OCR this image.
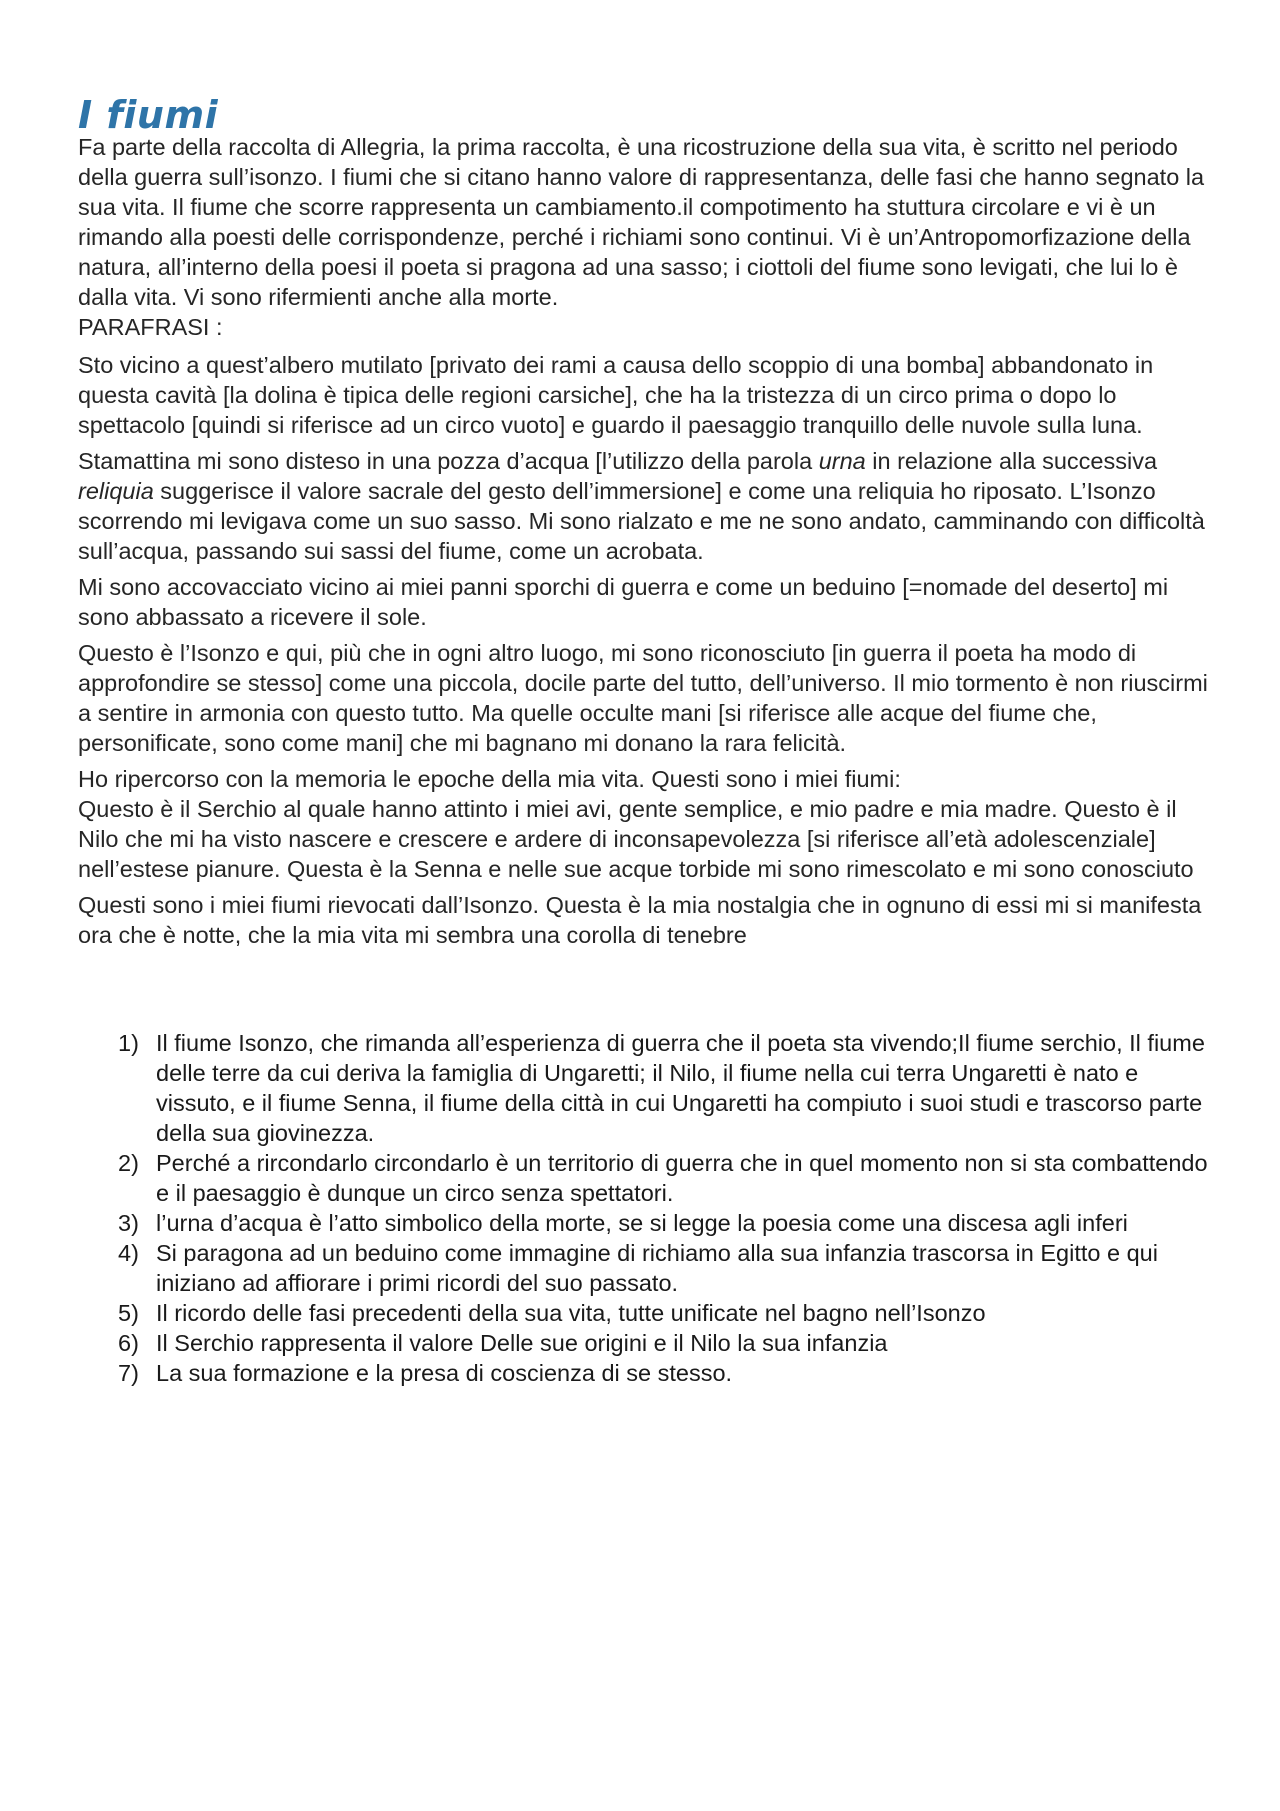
I fiumi

Fa parte della raccolta di Allegria, la prima raccolta, è una ricostruzione della sua vita, è scritto nel periodo della guerra sull’isonzo. I fiumi che si citano hanno valore di rappresentanza, delle fasi che hanno segnato la sua vita. Il fiume che scorre rappresenta un cambiamento.il compotimento ha stuttura circolare e vi è un rimando alla poesti delle corrispondenze, perché i richiami sono continui. Vi è un’Antropomorfizazione della natura, all’interno della poesi il poeta si pragona ad una sasso; i ciottoli del fiume sono levigati, che lui lo è dalla vita. Vi sono rifermienti anche alla morte.

PARAFRASI :

Sto vicino a quest’albero mutilato [privato dei rami a causa dello scoppio di una bomba] abbandonato in questa cavità [la dolina è tipica delle regioni carsiche], che ha la tristezza di un circo prima o dopo lo spettacolo [quindi si riferisce ad un circo vuoto] e guardo il paesaggio tranquillo delle nuvole sulla luna.

Stamattina mi sono disteso in una pozza d’acqua [l’utilizzo della parola urna in relazione alla successiva reliquia suggerisce il valore sacrale del gesto dell’immersione] e come una reliquia ho riposato. L’Isonzo scorrendo mi levigava come un suo sasso. Mi sono rialzato e me ne sono andato, camminando con difficoltà sull’acqua, passando sui sassi del fiume, come un acrobata.

Mi sono accovacciato vicino ai miei panni sporchi di guerra e come un beduino [=nomade del deserto] mi sono abbassato a ricevere il sole.

Questo è l’Isonzo e qui, più che in ogni altro luogo, mi sono riconosciuto [in guerra il poeta ha modo di approfondire se stesso] come una piccola, docile parte del tutto, dell’universo. Il mio tormento è non riuscirmi a sentire in armonia con questo tutto. Ma quelle occulte mani [si riferisce alle acque del fiume che, personificate, sono come mani] che mi bagnano mi donano la rara felicità.

Ho ripercorso con la memoria le epoche della mia vita. Questi sono i miei fiumi:

Questo è il Serchio al quale hanno attinto i miei avi, gente semplice, e mio padre e mia madre. Questo è il Nilo che mi ha visto nascere e crescere e ardere di inconsapevolezza [si riferisce all’età adolescenziale] nell’estese pianure. Questa è la Senna e nelle sue acque torbide mi sono rimescolato e mi sono conosciuto

Questi sono i miei fiumi rievocati dall’Isonzo. Questa è la mia nostalgia che in ognuno di essi mi si manifesta ora che è notte, che la mia vita mi sembra una corolla di tenebre

1) Il fiume Isonzo, che rimanda all’esperienza di guerra che il poeta sta vivendo;Il fiume serchio, Il fiume delle terre da cui deriva la famiglia di Ungaretti; il Nilo, il fiume nella cui terra Ungaretti è nato e vissuto, e il fiume Senna, il fiume della città in cui Ungaretti ha compiuto i suoi studi e trascorso parte della sua giovinezza.
2) Perché a rircondarlo circondarlo è un territorio di guerra che in quel momento non si sta combattendo e il paesaggio è dunque un circo senza spettatori.
3) l’urna d’acqua è l’atto simbolico della morte, se si legge la poesia come una discesa agli inferi
4) Si paragona ad un beduino come immagine di richiamo alla sua infanzia trascorsa in Egitto e qui iniziano ad affiorare i primi ricordi del suo passato.
5) Il ricordo delle fasi precedenti della sua vita, tutte unificate nel bagno nell’Isonzo
6) Il Serchio rappresenta il valore Delle sue origini e il Nilo la sua infanzia
7) La sua formazione e la presa di coscienza di se stesso.
